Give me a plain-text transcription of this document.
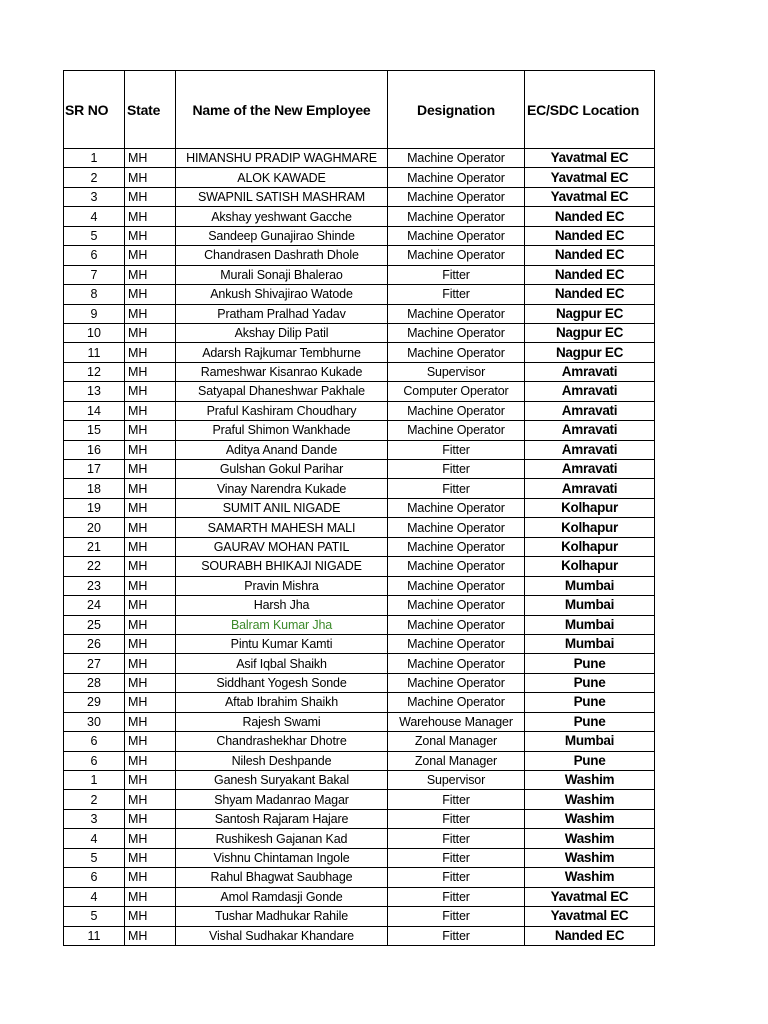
SR NO	State	Name of the New Employee	Designation	EC/SDC Location
1	MH	HIMANSHU PRADIP WAGHMARE	Machine Operator	Yavatmal EC
2	MH	ALOK KAWADE	Machine Operator	Yavatmal EC
3	MH	SWAPNIL SATISH MASHRAM	Machine Operator	Yavatmal EC
4	MH	Akshay yeshwant Gacche	Machine Operator	Nanded EC
5	MH	Sandeep Gunajirao Shinde	Machine Operator	Nanded EC
6	MH	Chandrasen Dashrath Dhole	Machine Operator	Nanded EC
7	MH	Murali Sonaji Bhalerao	Fitter	Nanded EC
8	MH	Ankush Shivajirao Watode	Fitter	Nanded EC
9	MH	Pratham Pralhad Yadav	Machine Operator	Nagpur EC
10	MH	Akshay Dilip Patil	Machine Operator	Nagpur EC
11	MH	Adarsh Rajkumar Tembhurne	Machine Operator	Nagpur EC
12	MH	Rameshwar Kisanrao Kukade	Supervisor	Amravati
13	MH	Satyapal Dhaneshwar Pakhale	Computer Operator	Amravati
14	MH	Praful Kashiram Choudhary	Machine Operator	Amravati
15	MH	Praful Shimon Wankhade	Machine Operator	Amravati
16	MH	Aditya Anand Dande	Fitter	Amravati
17	MH	Gulshan Gokul Parihar	Fitter	Amravati
18	MH	Vinay Narendra Kukade	Fitter	Amravati
19	MH	SUMIT ANIL NIGADE	Machine Operator	Kolhapur
20	MH	SAMARTH MAHESH MALI	Machine Operator	Kolhapur
21	MH	GAURAV MOHAN PATIL	Machine Operator	Kolhapur
22	MH	SOURABH BHIKAJI NIGADE	Machine Operator	Kolhapur
23	MH	Pravin Mishra	Machine Operator	Mumbai
24	MH	Harsh Jha	Machine Operator	Mumbai
25	MH	Balram Kumar Jha	Machine Operator	Mumbai
26	MH	Pintu Kumar Kamti	Machine Operator	Mumbai
27	MH	Asif Iqbal Shaikh	Machine Operator	Pune
28	MH	Siddhant Yogesh Sonde	Machine Operator	Pune
29	MH	Aftab Ibrahim Shaikh	Machine Operator	Pune
30	MH	Rajesh Swami	Warehouse Manager	Pune
6	MH	Chandrashekhar Dhotre	Zonal Manager	Mumbai
6	MH	Nilesh Deshpande	Zonal Manager	Pune
1	MH	Ganesh Suryakant Bakal	Supervisor	Washim
2	MH	Shyam Madanrao Magar	Fitter	Washim
3	MH	Santosh Rajaram Hajare	Fitter	Washim
4	MH	Rushikesh Gajanan Kad	Fitter	Washim
5	MH	Vishnu Chintaman Ingole	Fitter	Washim
6	MH	Rahul Bhagwat Saubhage	Fitter	Washim
4	MH	Amol Ramdasji Gonde	Fitter	Yavatmal EC
5	MH	Tushar Madhukar Rahile	Fitter	Yavatmal EC
11	MH	Vishal Sudhakar Khandare	Fitter	Nanded EC
